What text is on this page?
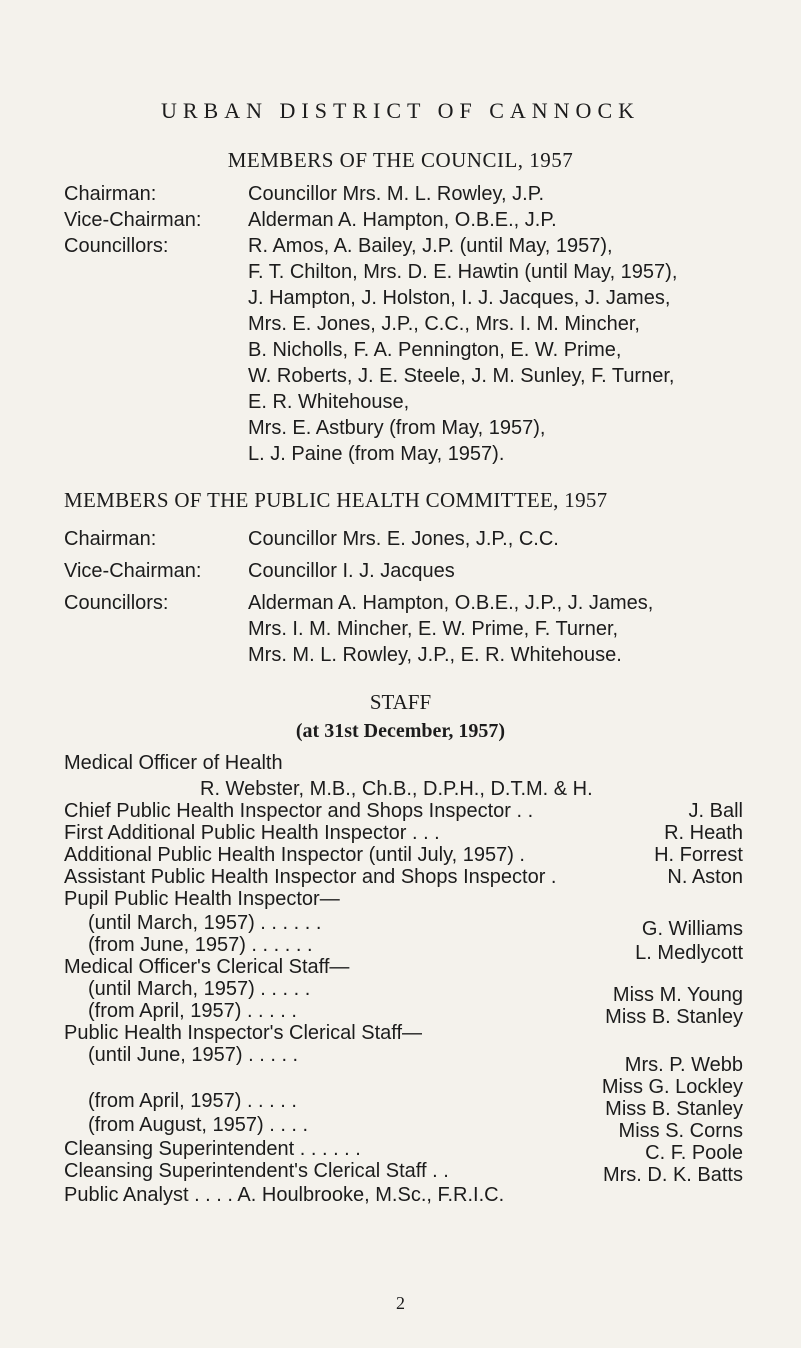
URBAN DISTRICT OF CANNOCK
MEMBERS OF THE COUNCIL, 1957
Chairman:	Councillor Mrs. M. L. Rowley, J.P.
Vice-Chairman: Alderman A. Hampton, O.B.E., J.P.
Councillors:	R. Amos, A. Bailey, J.P. (until May, 1957),
F. T. Chilton, Mrs. D. E. Hawtin (until May, 1957),
J. Hampton, J. Holston, I. J. Jacques, J. James,
Mrs. E. Jones, J.P., C.C., Mrs. I. M. Mincher,
B. Nicholls, F. A. Pennington, E. W. Prime,
W. Roberts, J. E. Steele, J. M. Sunley, F. Turner,
E. R. Whitehouse,
Mrs. E. Astbury (from May, 1957),
L. J. Paine (from May, 1957).
MEMBERS OF THE PUBLIC HEALTH COMMITTEE, 1957
Chairman:	Councillor Mrs. E. Jones, J.P., C.C.
Vice-Chairman: Councillor I. J. Jacques
Councillors:	Alderman A. Hampton, O.B.E., J.P., J. James,
Mrs. I. M. Mincher, E. W. Prime, F. Turner,
Mrs. M. L. Rowley, J.P., E. R. Whitehouse.
STAFF
(at 31st December, 1957)
Medical Officer of Health
R. Webster, M.B., Ch.B., D.P.H., D.T.M. & H.
Chief Public Health Inspector and Shops Inspector . .	J. Ball
First Additional Public Health Inspector . . .	R. Heath
Additional Public Health Inspector (until July, 1957) .	H. Forrest
Assistant Public Health Inspector and Shops Inspector .	N. Aston
Pupil Public Health Inspector—
(until March, 1957) . . . . . .	G. Williams
(from June, 1957) . . . . . .	L. Medlycott
Medical Officer's Clerical Staff—
(until March, 1957) . . . . .	Miss M. Young
(from April, 1957) . . . . .	Miss B. Stanley
Public Health Inspector's Clerical Staff—
(until June, 1957) . . . . .	Mrs. P. Webb
Miss G. Lockley
(from April, 1957) . . . . .	Miss B. Stanley
(from August, 1957) . . . .	Miss S. Corns
Cleansing Superintendent . . . . . .	C. F. Poole
Cleansing Superintendent's Clerical Staff . .	Mrs. D. K. Batts
Public Analyst . . . . A. Houlbrooke, M.Sc., F.R.I.C.
2
